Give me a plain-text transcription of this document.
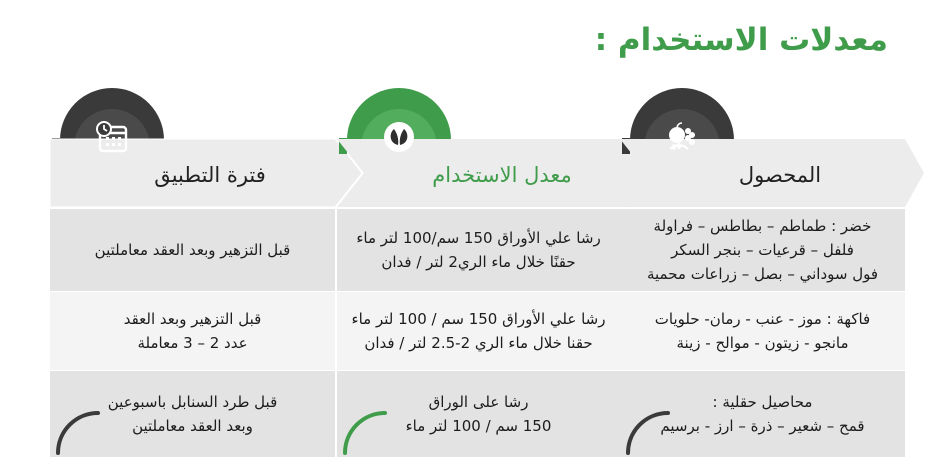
معدلات الاستخدام :
فترة التطبيق
قبل التزهير وبعد العقد معاملتين
قبل التزهير وبعد العقد
عدد 2 – 3 معاملة
قبل طرد السنابل باسبوعين
وبعد العقد معاملتين
معدل الاستخدام
رشا علي الأوراق 150 سم/100 لتر ماء
حقنًا خلال ماء الري2 لتر / فدان
رشا علي الأوراق 150 سم / 100 لتر ماء
حقنا خلال ماء الري 2-2.5 لتر / فدان
رشا على الوراق
150 سم / 100 لتر ماء
المحصول
خضر : طماطم – بطاطس – فراولة
فلفل – قرعيات – بنجر السكر
فول سوداني – بصل – زراعات محمية
فاكهة : موز - عنب - رمان- حلويات
مانجو - زيتون - موالح - زينة
محاصيل حقلية :
قمح – شعير – ذرة – ارز - برسيم
